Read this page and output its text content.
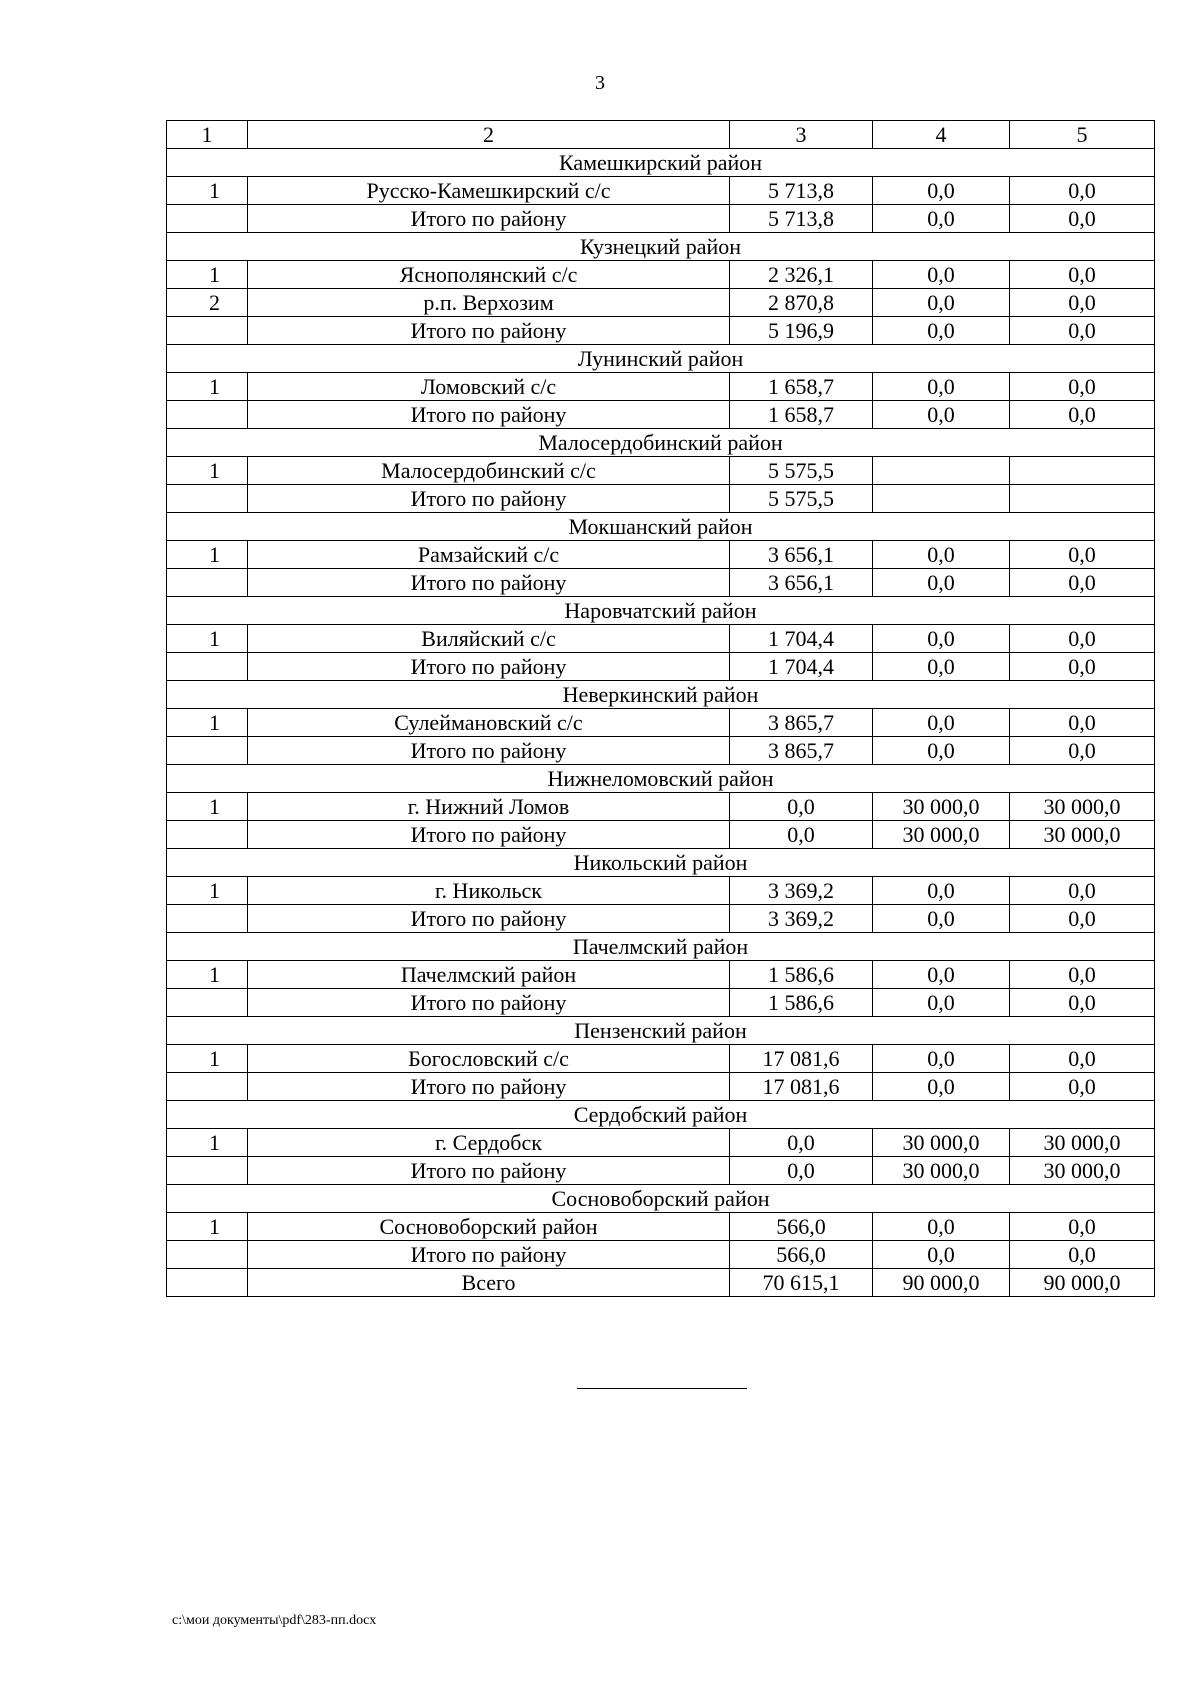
3
1	2	3	4	5
Камешкирский район				
1	Русско-Камешкирский с/с	5 713,8	0,0	0,0
	Итого по району	5 713,8	0,0	0,0
Кузнецкий район				
1	Яснополянский с/с	2 326,1	0,0	0,0
2	р.п. Верхозим	2 870,8	0,0	0,0
	Итого по району	5 196,9	0,0	0,0
Лунинский район				
1	Ломовский с/с	1 658,7	0,0	0,0
	Итого по району	1 658,7	0,0	0,0
Малосердобинский район				
1	Малосердобинский с/с	5 575,5		
	Итого по району	5 575,5		
Мокшанский район				
1	Рамзайский с/с	3 656,1	0,0	0,0
	Итого по району	3 656,1	0,0	0,0
Наровчатский район				
1	Виляйский с/с	1 704,4	0,0	0,0
	Итого по району	1 704,4	0,0	0,0
Неверкинский район				
1	Сулеймановский с/с	3 865,7	0,0	0,0
	Итого по району	3 865,7	0,0	0,0
Нижнеломовский район				
1	г. Нижний Ломов	0,0	30 000,0	30 000,0
	Итого по району	0,0	30 000,0	30 000,0
Никольский район				
1	г. Никольск	3 369,2	0,0	0,0
	Итого по району	3 369,2	0,0	0,0
Пачелмский район				
1	Пачелмский район	1 586,6	0,0	0,0
	Итого по району	1 586,6	0,0	0,0
Пензенский район				
1	Богословский с/с	17 081,6	0,0	0,0
	Итого по району	17 081,6	0,0	0,0
Сердобский район				
1	г. Сердобск	0,0	30 000,0	30 000,0
	Итого по району	0,0	30 000,0	30 000,0
Сосновоборский район				
1	Сосновоборский район	566,0	0,0	0,0
	Итого по району	566,0	0,0	0,0
	Всего	70 615,1	90 000,0	90 000,0
c:\мои документы\pdf\283-пп.docx
